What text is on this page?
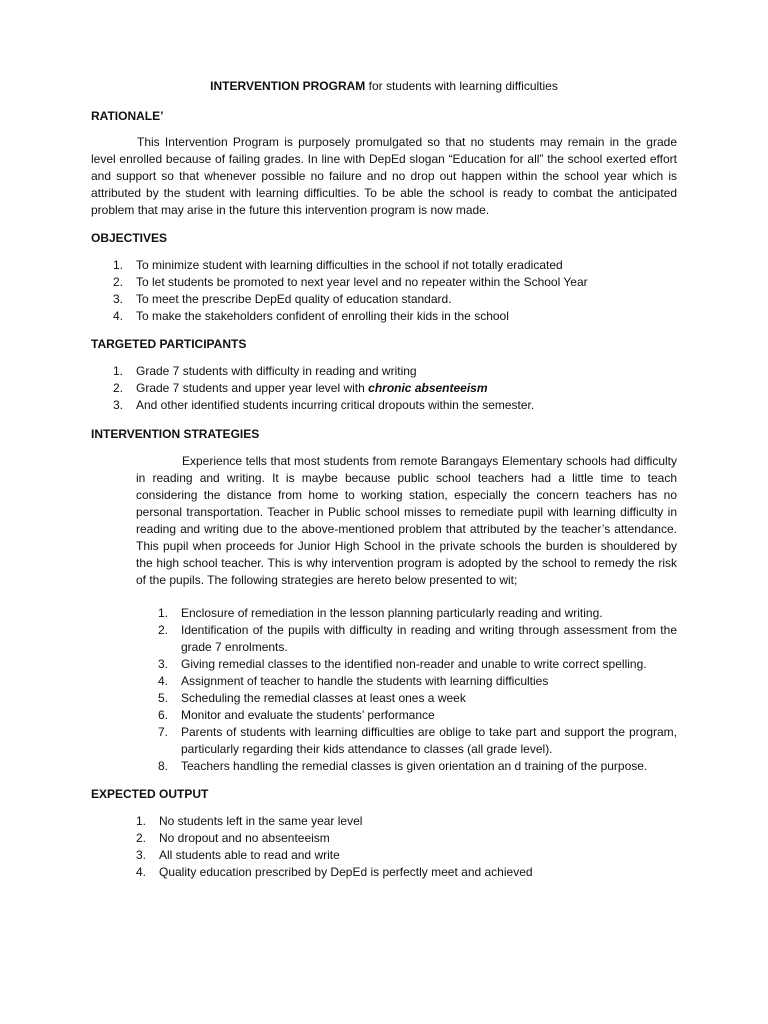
INTERVENTION PROGRAM for students with learning difficulties
RATIONALE’
This Intervention Program is purposely promulgated so that no students may remain in the grade level enrolled because of failing grades. In line with DepEd slogan “Education for all” the school exerted effort and support so that whenever possible no failure and no drop out happen within the school year which is attributed by the student with learning difficulties. To be able the school is ready to combat the anticipated problem that may arise in the future this intervention program is now made.
OBJECTIVES
1.	To minimize student with learning difficulties in the school if not totally eradicated
2.	To let students be promoted to next year level and no repeater within the School Year
3.	To meet the prescribe DepEd quality of education standard.
4.	To make the stakeholders confident of enrolling their kids in the school
TARGETED PARTICIPANTS
1.	Grade 7 students with difficulty in reading and writing
2.	Grade 7 students and upper year level with chronic absenteeism
3.	And other identified students incurring critical dropouts within the semester.
INTERVENTION STRATEGIES
Experience tells that most students from remote Barangays Elementary schools had difficulty in reading and writing. It is maybe because public school teachers had a little time to teach considering the distance from home to working station, especially the concern teachers has no personal transportation. Teacher in Public school misses to remediate pupil with learning difficulty in reading and writing due to the above-mentioned problem that attributed by the teacher’s attendance. This pupil when proceeds for Junior High School in the private schools the burden is shouldered by the high school teacher. This is why intervention program is adopted by the school to remedy the risk of the pupils. The following strategies are hereto below presented to wit;
1.	Enclosure of remediation in the lesson planning particularly reading and writing.
2.	Identification of the pupils with difficulty in reading and writing through assessment from the grade 7 enrolments.
3.	Giving remedial classes to the identified non-reader and unable to write correct spelling.
4.	Assignment of teacher to handle the students with learning difficulties
5.	Scheduling the remedial classes at least ones a week
6.	Monitor and evaluate the students’ performance
7.	Parents of students with learning difficulties are oblige to take part and support the program, particularly regarding their kids attendance to classes (all grade level).
8.	Teachers handling the remedial classes is given orientation an d training of the purpose.
EXPECTED OUTPUT
1.	No students left in the same year level
2.	No dropout and no absenteeism
3.	All students able to read and write
4.	Quality education prescribed by DepEd is perfectly meet and achieved
